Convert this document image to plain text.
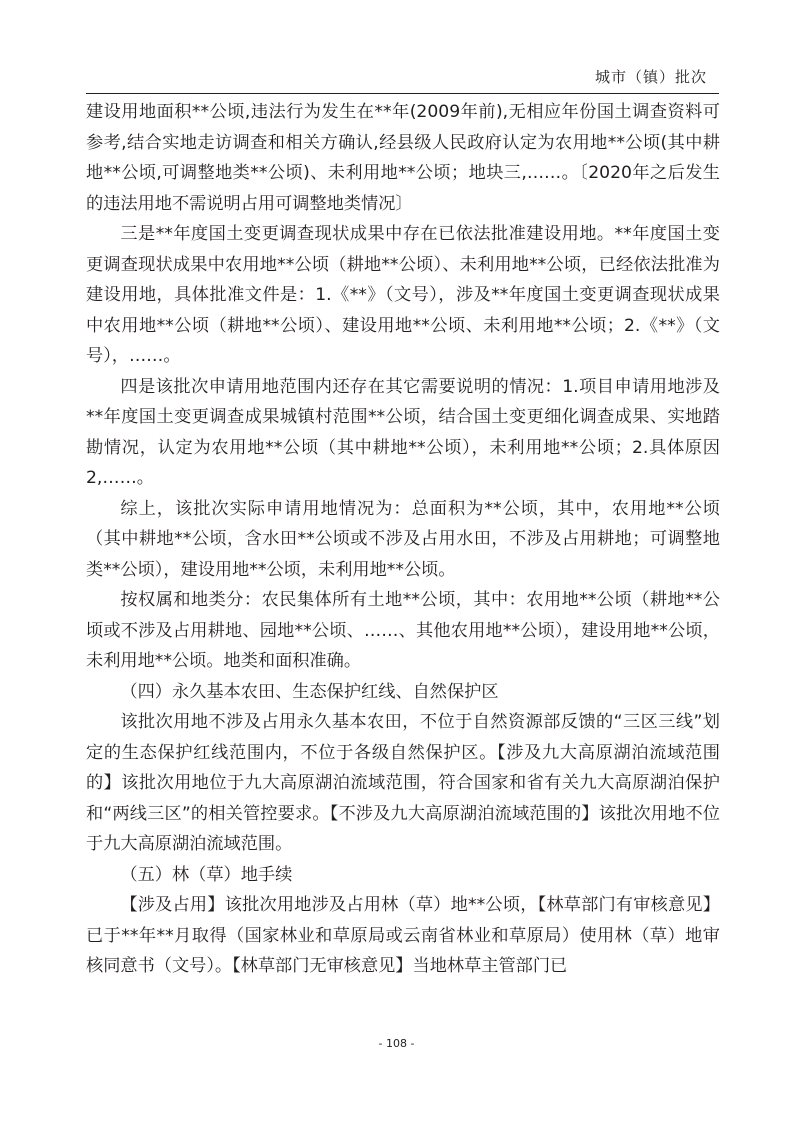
城市（镇）批次

建设用地面积**公顷,违法行为发生在**年(2009年前),无相应年份国土调查资料可参考,结合实地走访调查和相关方确认,经县级人民政府认定为农用地**公顷(其中耕地**公顷,可调整地类**公顷)、未利用地**公顷；地块三,……。〔2020年之后发生的违法用地不需说明占用可调整地类情况〕

三是**年度国土变更调查现状成果中存在已依法批准建设用地。**年度国土变更调查现状成果中农用地**公顷（耕地**公顷）、未利用地**公顷，已经依法批准为建设用地，具体批准文件是：1.《**》（文号），涉及**年度国土变更调查现状成果中农用地**公顷（耕地**公顷）、建设用地**公顷、未利用地**公顷；2.《**》（文号），……。

四是该批次申请用地范围内还存在其它需要说明的情况：1.项目申请用地涉及**年度国土变更调查成果城镇村范围**公顷，结合国土变更细化调查成果、实地踏勘情况，认定为农用地**公顷（其中耕地**公顷），未利用地**公顷；2.具体原因2,……。

综上，该批次实际申请用地情况为：总面积为**公顷，其中，农用地**公顷（其中耕地**公顷，含水田**公顷或不涉及占用水田，不涉及占用耕地；可调整地类**公顷），建设用地**公顷，未利用地**公顷。

按权属和地类分：农民集体所有土地**公顷，其中：农用地**公顷（耕地**公顷或不涉及占用耕地、园地**公顷、……、其他农用地**公顷），建设用地**公顷，未利用地**公顷。地类和面积准确。

（四）永久基本农田、生态保护红线、自然保护区

该批次用地不涉及占用永久基本农田，不位于自然资源部反馈的“三区三线”划定的生态保护红线范围内，不位于各级自然保护区。【涉及九大高原湖泊流域范围的】该批次用地位于九大高原湖泊流域范围，符合国家和省有关九大高原湖泊保护和“两线三区”的相关管控要求。【不涉及九大高原湖泊流域范围的】该批次用地不位于九大高原湖泊流域范围。

（五）林（草）地手续

【涉及占用】该批次用地涉及占用林（草）地**公顷，【林草部门有审核意见】已于**年**月取得（国家林业和草原局或云南省林业和草原局）使用林（草）地审核同意书（文号）。【林草部门无审核意见】当地林草主管部门已

- 108 -
